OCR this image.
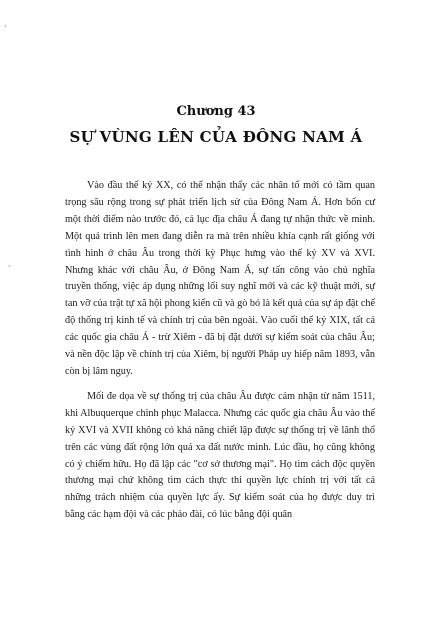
·
·
Chương 43
SỰ VÙNG LÊN CỦA ĐÔNG NAM Á

Vào đầu thế kỷ XX, có thể nhận thấy các nhân tố mới có tầm quan trọng sâu rộng trong sự phát triển lịch sử của Đông Nam Á. Hơn bốn cư một thời điểm nào trước đó, cả lục địa châu Á đang tự nhận thức về mình. Một quá trình lên men đang diễn ra mà trên nhiều khía cạnh rất giống với tình hình ở châu Âu trong thời kỳ Phục hưng vào thế kỷ XV và XVI. Nhưng khác với châu Âu, ở Đông Nam Á, sự tấn công vào chủ nghĩa truyền thống, việc áp dụng những lối suy nghĩ mới và các kỹ thuật mới, sự tan vỡ của trật tự xã hội phong kiến cũ và gò bó là kết quả của sự áp đặt chế độ thống trị kinh tế và chính trị của bên ngoài. Vào cuối thế kỷ XIX, tất cả các quốc gia châu Á - trừ Xiêm - đã bị đặt dưới sự kiểm soát của châu Âu; và nền độc lập về chính trị của Xiêm, bị người Pháp uy hiếp năm 1893, vẫn còn bị lâm nguy.

Mối đe dọa về sự thống trị của châu Âu được cảm nhận từ năm 1511, khi Albuquerque chinh phục Malacca. Nhưng các quốc gia châu Âu vào thế kỷ XVI và XVII không có khả năng chiết lập được sự thống trị về lãnh thổ trên các vùng đất rộng lớn quá xa đất nước mình. Lúc đầu, họ cũng không có ý chiếm hữu. Họ đã lập các "cơ sở thương mại". Họ tìm cách độc quyền thương mại chứ không tìm cách thực thi quyền lực chính trị với tất cả những trách nhiệm của quyền lực ấy. Sự kiểm soát của họ được duy trì bằng các hạm đội và các pháo đài, có lúc bằng đội quân
